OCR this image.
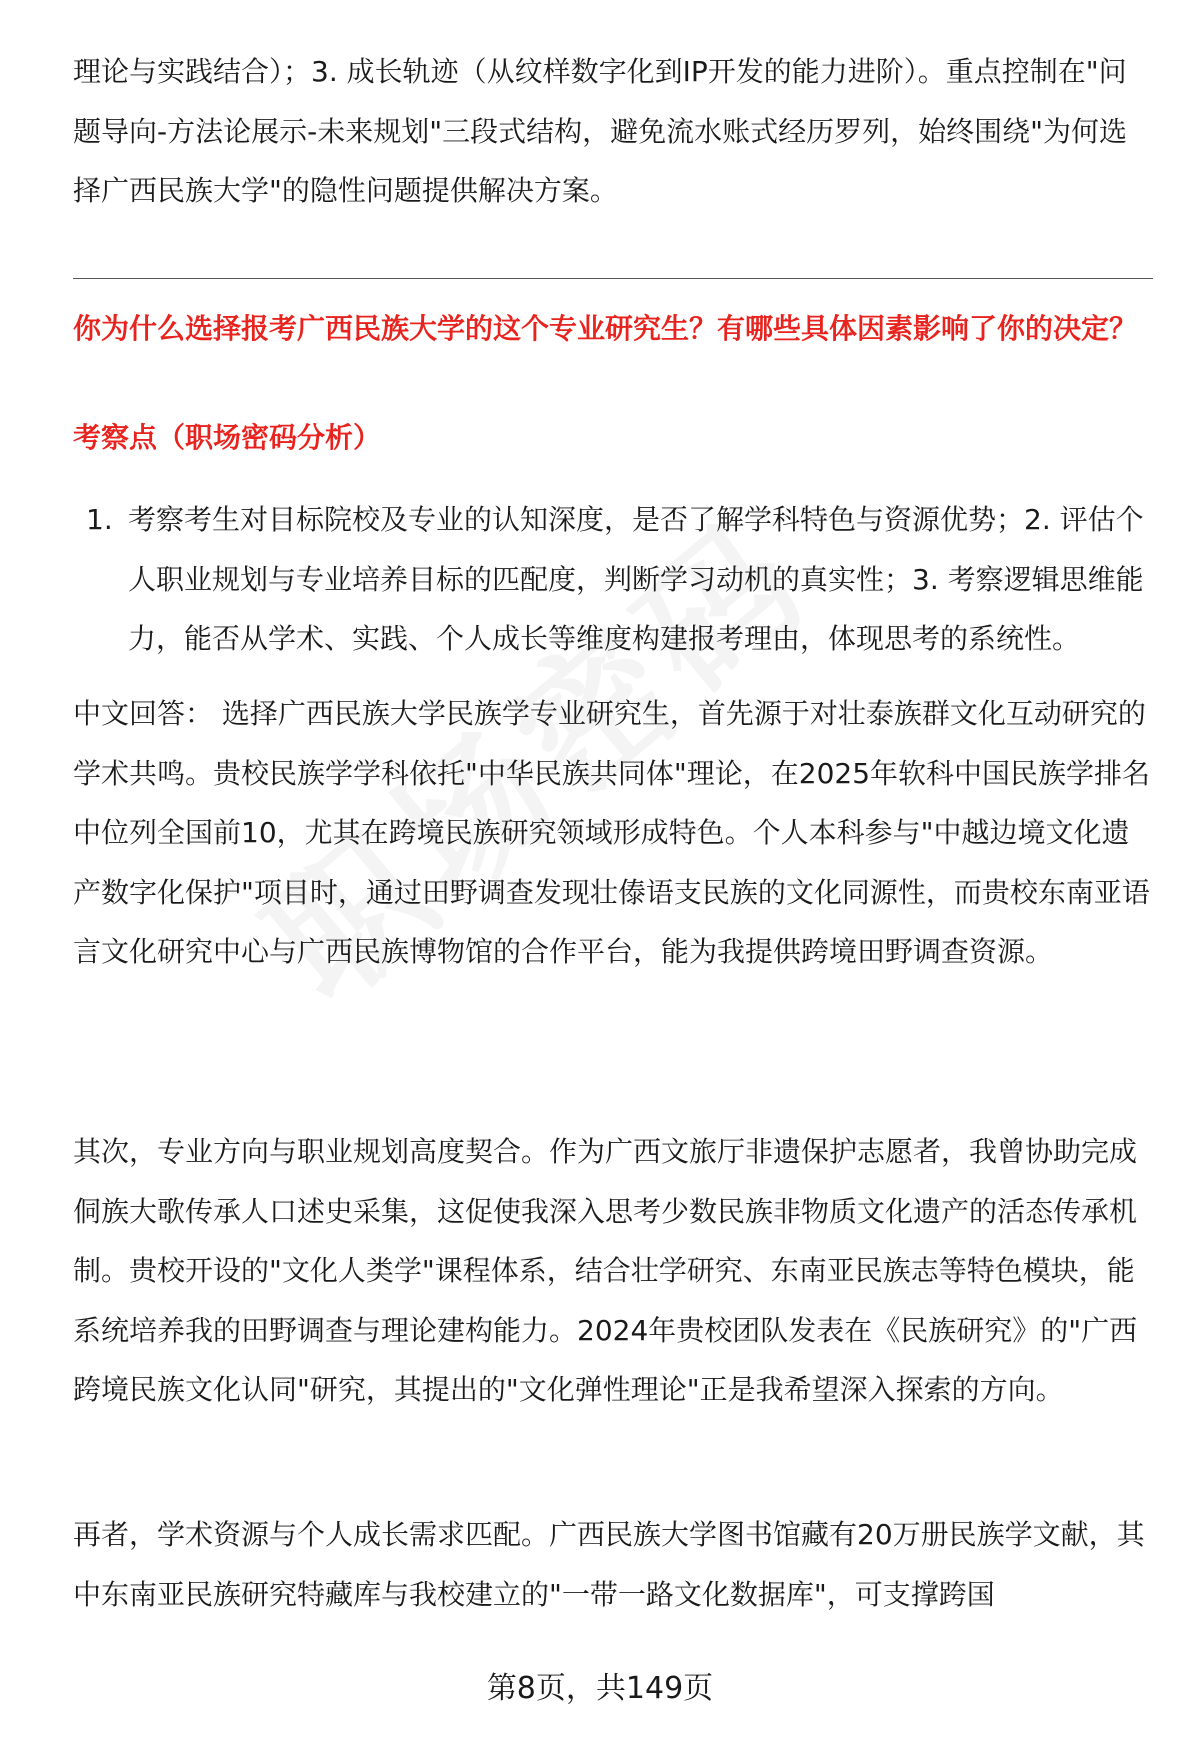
理论与实践结合）；3. 成长轨迹（从纹样数字化到IP开发的能力进阶）。重点控制在"问题导向-方法论展示-未来规划"三段式结构，避免流水账式经历罗列，始终围绕"为何选择广西民族大学"的隐性问题提供解决方案。

你为什么选择报考广西民族大学的这个专业研究生？有哪些具体因素影响了你的决定？

考察点（职场密码分析）

1. 考察考生对目标院校及专业的认知深度，是否了解学科特色与资源优势；2. 评估个人职业规划与专业培养目标的匹配度，判断学习动机的真实性；3. 考察逻辑思维能力，能否从学术、实践、个人成长等维度构建报考理由，体现思考的系统性。

中文回答： 选择广西民族大学民族学专业研究生，首先源于对壮泰族群文化互动研究的学术共鸣。贵校民族学学科依托"中华民族共同体"理论，在2025年软科中国民族学排名中位列全国前10，尤其在跨境民族研究领域形成特色。个人本科参与"中越边境文化遗产数字化保护"项目时，通过田野调查发现壮傣语支民族的文化同源性，而贵校东南亚语言文化研究中心与广西民族博物馆的合作平台，能为我提供跨境田野调查资源。

其次，专业方向与职业规划高度契合。作为广西文旅厅非遗保护志愿者，我曾协助完成侗族大歌传承人口述史采集，这促使我深入思考少数民族非物质文化遗产的活态传承机制。贵校开设的"文化人类学"课程体系，结合壮学研究、东南亚民族志等特色模块，能系统培养我的田野调查与理论建构能力。2024年贵校团队发表在《民族研究》的"广西跨境民族文化认同"研究，其提出的"文化弹性理论"正是我希望深入探索的方向。

再者，学术资源与个人成长需求匹配。广西民族大学图书馆藏有20万册民族学文献，其中东南亚民族研究特藏库与我校建立的"一带一路文化数据库"，可支撑跨国

第8页，共149页
